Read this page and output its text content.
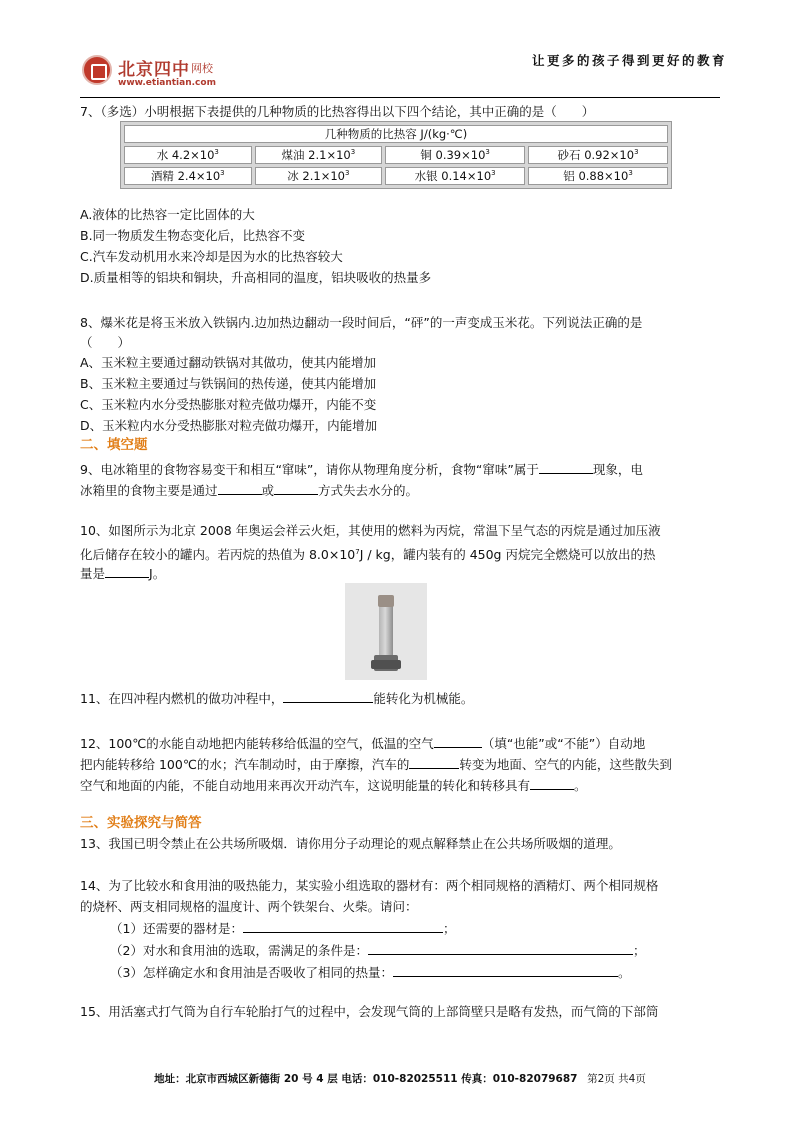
北京四中 网校
www.etiantian.com
让更多的孩子得到更好的教育
7、（多选）小明根据下表提供的几种物质的比热容得出以下四个结论，其中正确的是（　　）
几种物质的比热容 J/(kg·℃)			
水 $4.2\times 10^3$	煤油 $2.1\times 10^3$	铜 $0.39\times 10^3$	砂石 $0.92\times 10^3$
酒精 $2.4\times 10^3$	冰 $2.1\times 10^3$	水银 $0.14\times 10^3$	铝 $0.88\times 10^3$
A.液体的比热容一定比固体的大
B.同一物质发生物态变化后，比热容不变
C.汽车发动机用水来冷却是因为水的比热容较大
D.质量相等的铝块和铜块，升高相同的温度，铝块吸收的热量多
8、爆米花是将玉米放入铁锅内.边加热边翻动一段时间后，“砰”的一声变成玉米花。下列说法正确的是
（　　）
A、玉米粒主要通过翻动铁锅对其做功，使其内能增加
B、玉米粒主要通过与铁锅间的热传递，使其内能增加
C、玉米粒内水分受热膨胀对粒壳做功爆开，内能不变
D、玉米粒内水分受热膨胀对粒壳做功爆开，内能增加
二、填空题
9、电冰箱里的食物容易变干和相互“窜味”，请你从物理角度分析，食物“窜味”属于	现象，电
冰箱里的食物主要是通过	或	方式失去水分的。
10、如图所示为北京 2008 年奥运会祥云火炬，其使用的燃料为丙烷，常温下呈气态的丙烷是通过加压液
化后储存在较小的罐内。若丙烷的热值为 $8.0\times 10^7J$ / kg，罐内装有的 450g 丙烷完全燃烧可以放出的热
量是	J。
11、在四冲程内燃机的做功冲程中，	能转化为机械能。
12、100℃的水能自动地把内能转移给低温的空气，低温的空气	（填“也能”或“不能”）自动地
把内能转移给 100℃的水；汽车制动时，由于摩擦，汽车的	转变为地面、空气的内能，这些散失到
空气和地面的内能，不能自动地用来再次开动汽车，这说明能量的转化和转移具有	。
三、实验探究与简答
13、我国已明令禁止在公共场所吸烟．请你用分子动理论的观点解释禁止在公共场所吸烟的道理。
14、为了比较水和食用油的吸热能力，某实验小组选取的器材有：两个相同规格的酒精灯、两个相同规格
的烧杯、两支相同规格的温度计、两个铁架台、火柴。请问：
（1）还需要的器材是：	；
（2）对水和食用油的选取，需满足的条件是：	；
（3）怎样确定水和食用油是否吸收了相同的热量：	。
15、用活塞式打气筒为自行车轮胎打气的过程中，会发现气筒的上部筒壁只是略有发热，而气筒的下部筒
地址：北京市西城区新德街 20 号 4 层 电话：010-82025511 传真：010-82079687 第2页 共4页
